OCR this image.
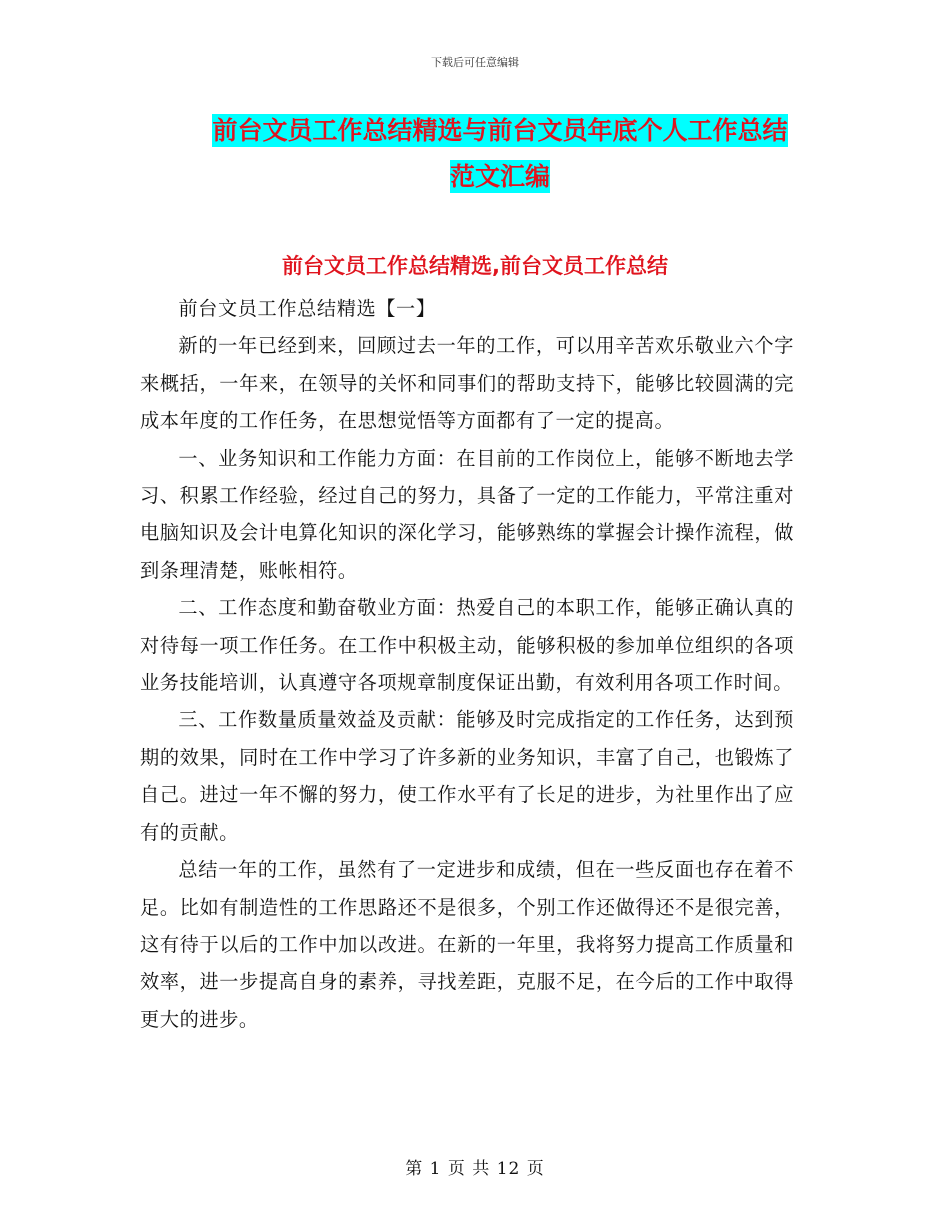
下载后可任意编辑
前台文员工作总结精选与前台文员年底个人工作总结
范文汇编
前台文员工作总结精选,前台文员工作总结

前台文员工作总结精选【一】

新的一年已经到来，回顾过去一年的工作，可以用辛苦欢乐敬业六个字来概括，一年来，在领导的关怀和同事们的帮助支持下，能够比较圆满的完成本年度的工作任务，在思想觉悟等方面都有了一定的提高。

一、业务知识和工作能力方面：在目前的工作岗位上，能够不断地去学习、积累工作经验，经过自己的努力，具备了一定的工作能力，平常注重对电脑知识及会计电算化知识的深化学习，能够熟练的掌握会计操作流程，做到条理清楚，账帐相符。

二、工作态度和勤奋敬业方面：热爱自己的本职工作，能够正确认真的对待每一项工作任务。在工作中积极主动，能够积极的参加单位组织的各项业务技能培训，认真遵守各项规章制度保证出勤，有效利用各项工作时间。

三、工作数量质量效益及贡献：能够及时完成指定的工作任务，达到预期的效果，同时在工作中学习了许多新的业务知识，丰富了自己，也锻炼了自己。进过一年不懈的努力，使工作水平有了长足的进步，为社里作出了应有的贡献。

总结一年的工作，虽然有了一定进步和成绩，但在一些反面也存在着不足。比如有制造性的工作思路还不是很多，个别工作还做得还不是很完善，这有待于以后的工作中加以改进。在新的一年里，我将努力提高工作质量和效率，进一步提高自身的素养，寻找差距，克服不足，在今后的工作中取得更大的进步。

第 1 页 共 12 页
